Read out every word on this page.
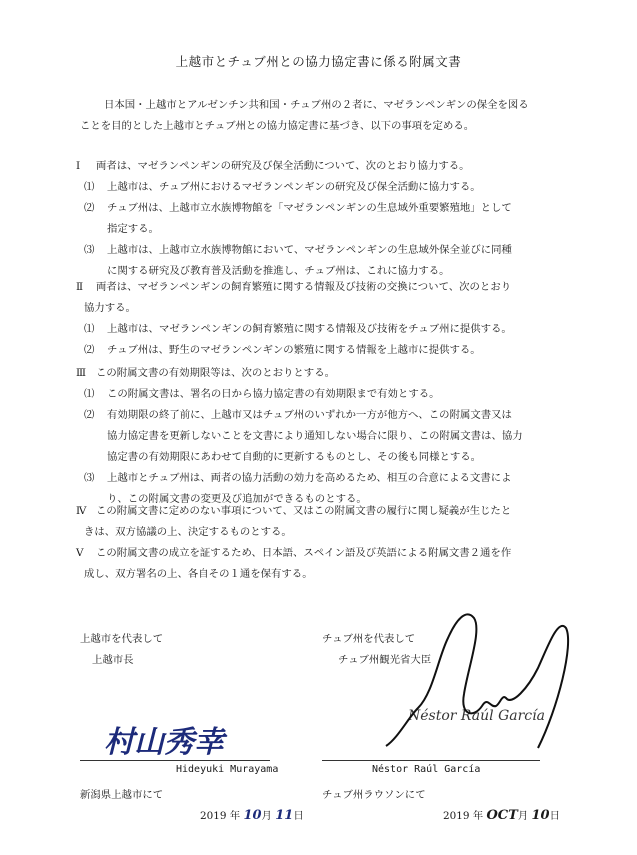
上越市とチュブ州との協力協定書に係る附属文書
日本国・上越市とアルゼンチン共和国・チュブ州の２者に、マゼランペンギンの保全を図る
ことを目的とした上越市とチュブ州との協力協定書に基づき、以下の事項を定める。
Ⅰ 両者は、マゼランペンギンの研究及び保全活動について、次のとおり協力する。
⑴ 上越市は、チュブ州におけるマゼランペンギンの研究及び保全活動に協力する。
⑵ チュブ州は、上越市立水族博物館を「マゼランペンギンの生息域外重要繁殖地」として
指定する。
⑶ 上越市は、上越市立水族博物館において、マゼランペンギンの生息域外保全並びに同種
に関する研究及び教育普及活動を推進し、チュブ州は、これに協力する。
Ⅱ 両者は、マゼランペンギンの飼育繁殖に関する情報及び技術の交換について、次のとおり
協力する。
⑴ 上越市は、マゼランペンギンの飼育繁殖に関する情報及び技術をチュブ州に提供する。
⑵ チュブ州は、野生のマゼランペンギンの繁殖に関する情報を上越市に提供する。
Ⅲ この附属文書の有効期限等は、次のとおりとする。
⑴ この附属文書は、署名の日から協力協定書の有効期限まで有効とする。
⑵ 有効期限の終了前に、上越市又はチュブ州のいずれか一方が他方へ、この附属文書又は
協力協定書を更新しないことを文書により通知しない場合に限り、この附属文書は、協力
協定書の有効期限にあわせて自動的に更新するものとし、その後も同様とする。
⑶ 上越市とチュブ州は、両者の協力活動の効力を高めるため、相互の合意による文書によ
り、この附属文書の変更及び追加ができるものとする。
Ⅳ この附属文書に定めのない事項について、又はこの附属文書の履行に関し疑義が生じたと
きは、双方協議の上、決定するものとする。
Ⅴ この附属文書の成立を証するため、日本語、スペイン語及び英語による附属文書２通を作
成し、双方署名の上、各自その１通を保有する。
上越市を代表して
上越市長
村山秀幸
Hideyuki Murayama
新潟県上越市にて
2019 年 10月 11日
チュブ州を代表して
チュブ州観光省大臣
Néstor Raúl García
Néstor Raúl García
チュブ州ラウソンにて
2019 年 OCT月 10日
